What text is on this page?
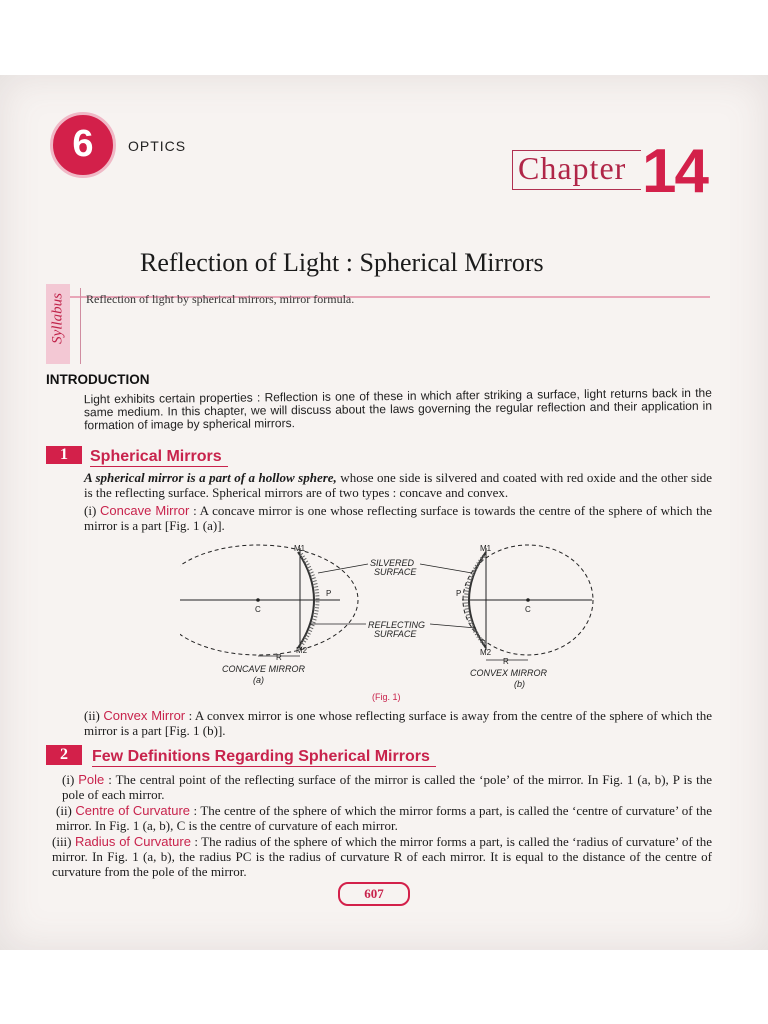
6	OPTICS
Chapter 14
Reflection of Light : Spherical Mirrors
Syllabus Reflection of light by spherical mirrors, mirror formula.
INTRODUCTION
Light exhibits certain properties : Reflection is one of these in which after striking a surface, light returns back in the same medium. In this chapter, we will discuss about the laws governing the regular reflection and their application in formation of image by spherical mirrors.
1	Spherical Mirrors
A spherical mirror is a part of a hollow sphere, whose one side is silvered and coated with red oxide and the other side is the reflecting surface. Spherical mirrors are of two types : concave and convex.
(i) Concave Mirror : A concave mirror is one whose reflecting surface is towards the centre of the sphere of which the mirror is a part [Fig. 1 (a)].
SILVERED
SURFACE
REFLECTING
SURFACE
M1
M2
P
C
R
M1
M2
P
C
R
CONCAVE MIRROR
(a)
CONVEX MIRROR
(b)
(Fig. 1)
(ii) Convex Mirror : A convex mirror is one whose reflecting surface is away from the centre of the sphere of which the mirror is a part [Fig. 1 (b)].
2	Few Definitions Regarding Spherical Mirrors
(i) Pole : The central point of the reflecting surface of the mirror is called the ‘pole’ of the mirror. In Fig. 1 (a, b), P is the pole of each mirror.
(ii) Centre of Curvature : The centre of the sphere of which the mirror forms a part, is called the ‘centre of curvature’ of the mirror. In Fig. 1 (a, b), C is the centre of curvature of each mirror.
(iii) Radius of Curvature : The radius of the sphere of which the mirror forms a part, is called the ‘radius of curvature’ of the mirror. In Fig. 1 (a, b), the radius PC is the radius of curvature R of each mirror. It is equal to the distance of the centre of curvature from the pole of the mirror.
607
